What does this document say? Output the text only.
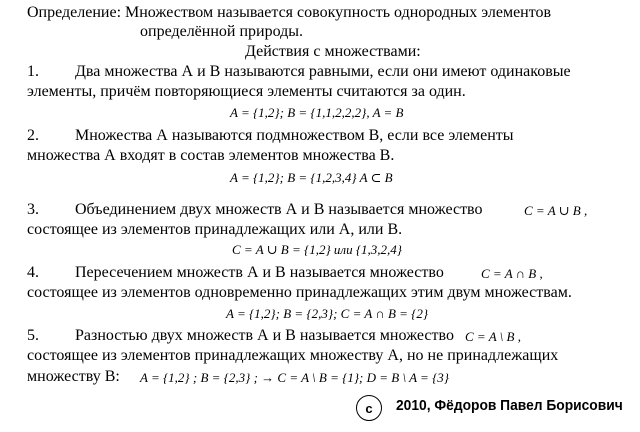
Определение: Множеством называется совокупность однородных элементов
определённой природы.
Действия с множествами:
1. Два множества А и В называются равными, если они имеют одинаковые
элементы, причём повторяющиеся элементы считаются за один.
A = {1,2}; B = {1,1,2,2,2}, A = B
2. Множества А называются подмножеством В, если все элементы
множества А входят в состав элементов множества В.
A = {1,2}; B = {1,2,3,4} A ⊂ B
3. Объединением двух множеств А и В называется множество	C = A ∪ B ,
состоящее из элементов принадлежащих или А, или В.
C = A ∪ B = {1,2} или {1,3,2,4}
4. Пересечением множеств А и В называется множество	C = A ∩ B ,
состоящее из элементов одновременно принадлежащих этим двум множествам.
A = {1,2}; B = {2,3}; C = A ∩ B = {2}
5. Разностью двух множеств А и В называется множество C = A \ B ,
состоящее из элементов принадлежащих множеству А, но не принадлежащих
множеству В: A = {1,2} ; B = {2,3} ; → C = A \ B = {1}; D = B \ A = {3}
c	2010, Фёдоров Павел Борисович
